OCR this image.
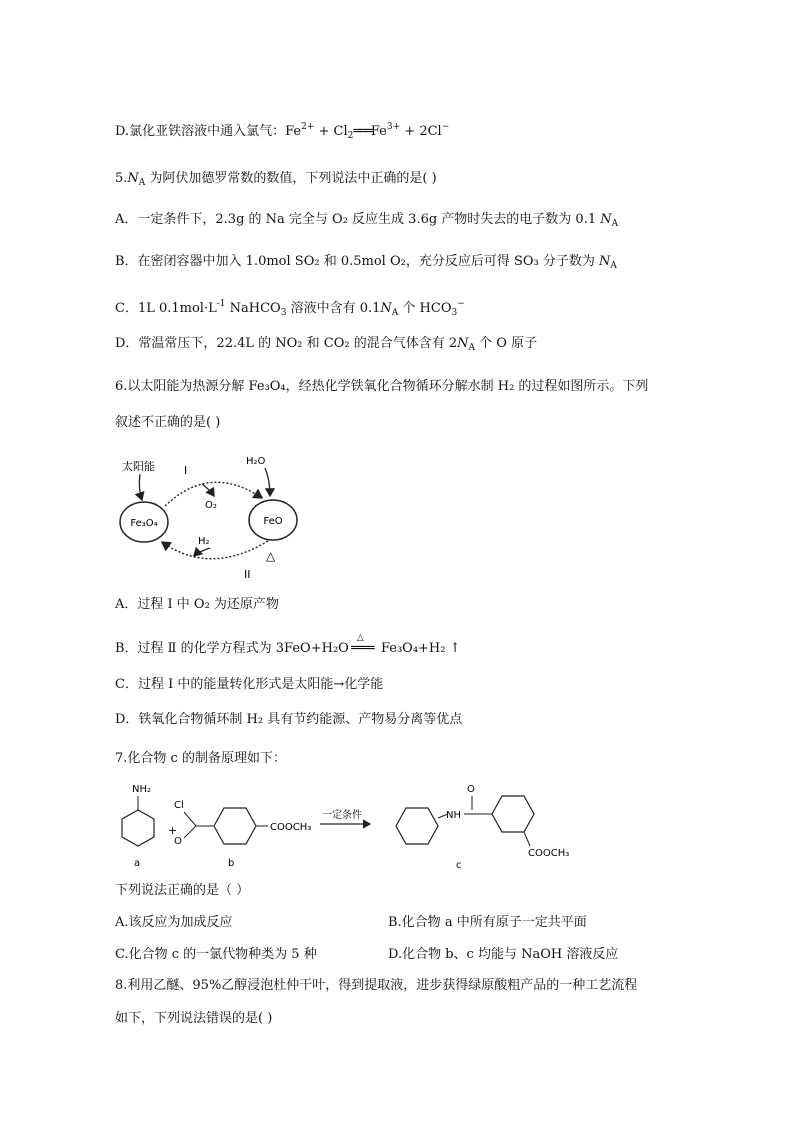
D.氯化亚铁溶液中通入氯气：$Fe^{2+}$ + $Cl_2═══Fe^{3+} + 2Cl^-$
$5.N_A$ 为阿伏加德罗常数的数值，下列说法中正确的是( )
A．一定条件下，2.3g 的 Na 完全与 O₂ 反应生成 3.6g 产物时失去的电子数为 0.1 $N_A$
B．在密闭容器中加入 1.0mol SO₂ 和 0.5mol O₂，充分反应后可得 SO₃ 分子数为 $N_A$
C．1L $0.1mol\cdot L^{-1}$ NaHCO$_3$ 溶液中含有 $0.1N_A$ 个 $HCO_3^-$
D．常温常压下，22.4L 的 NO₂ 和 CO₂ 的混合气体含有 $2N_A$ 个 O 原子
6.以太阳能为热源分解 Fe₃O₄，经热化学铁氧化合物循环分解水制 H₂ 的过程如图所示。下列
叙述不正确的是( )
Fe₃O₄	FeO
太阳能	I
O₂
H₂O
H₂
△
II
A．过程 Ⅰ 中 O₂ 为还原产物
B．过程 Ⅱ 的化学方程式为 3FeO+H₂O
△
═══ Fe₃O₄+H₂ ↑
C．过程 Ⅰ 中的能量转化形式是太阳能→化学能
D．铁氧化合物循环制 H₂ 具有节约能源、产物易分离等优点
7.化合物 c 的制备原理如下：
NH₂
a
+
Cl
O
COOCH₃
b
一定条件	NH
O
COOCH₃
c
下列说法正确的是（ ）
A.该反应为加成反应	B.化合物 a 中所有原子一定共平面
C.化合物 c 的一氯代物种类为 5 种	D.化合物 b、c 均能与 NaOH 溶液反应
8.利用乙醚、95%乙醇浸泡杜仲干叶，得到提取液，进步获得绿原酸粗产品的一种工艺流程
如下，下列说法错误的是( )
